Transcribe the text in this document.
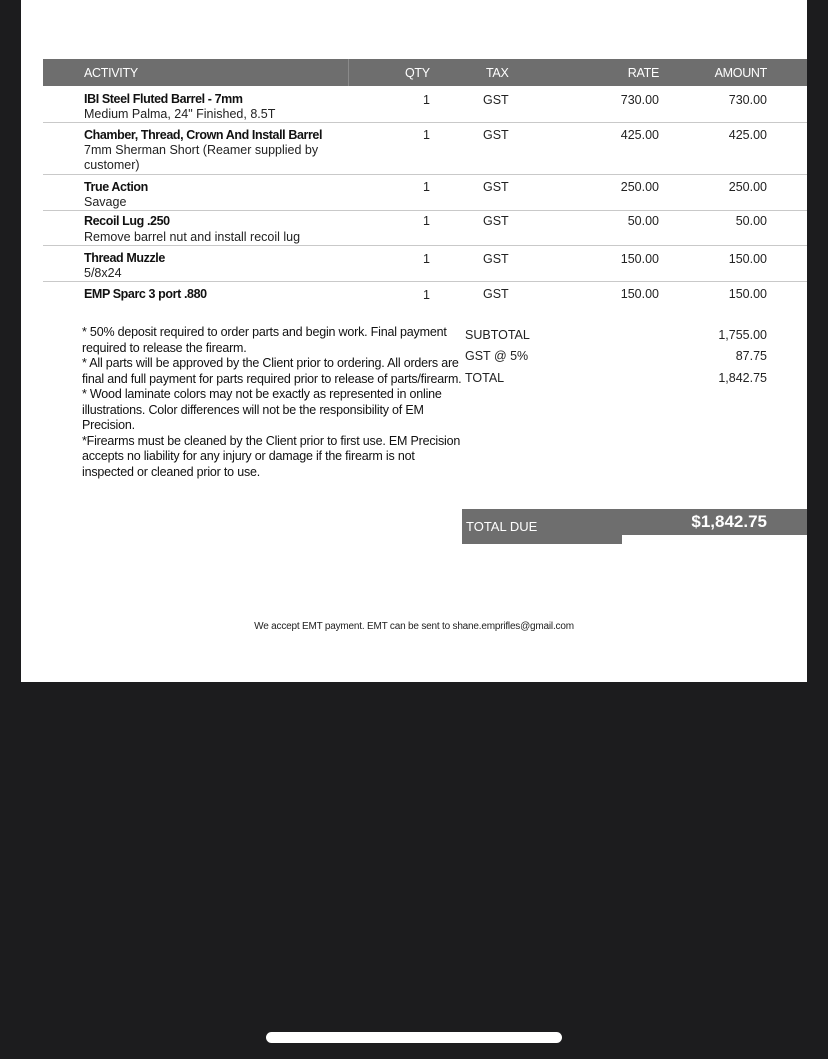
ACTIVITY	QTY	TAX	RATE	AMOUNT
IBI Steel Fluted Barrel - 7mm
Medium Palma, 24" Finished, 8.5T
1	GST	730.00	730.00
Chamber, Thread, Crown And Install Barrel
7mm Sherman Short (Reamer supplied by customer)
1	GST	425.00	425.00
True Action
Savage
1	GST	250.00	250.00
Recoil Lug .250
Remove barrel nut and install recoil lug
1	GST	50.00	50.00
Thread Muzzle
5/8x24
1	GST	150.00	150.00
EMP Sparc 3 port .880	1	GST	150.00	150.00

* 50% deposit required to order parts and begin work. Final payment required to release the firearm.

* All parts will be approved by the Client prior to ordering. All orders are final and full payment for parts required prior to release of parts/firearm.

* Wood laminate colors may not be exactly as represented in online illustrations. Color differences will not be the responsibility of EM Precision.

*Firearms must be cleaned by the Client prior to first use. EM Precision accepts no liability for any injury or damage if the firearm is not inspected or cleaned prior to use.

SUBTOTAL	1,755.00
GST @ 5%	87.75
TOTAL	1,842.75
TOTAL DUE	$1,842.75
We accept EMT payment. EMT can be sent to shane.emprifles@gmail.com
